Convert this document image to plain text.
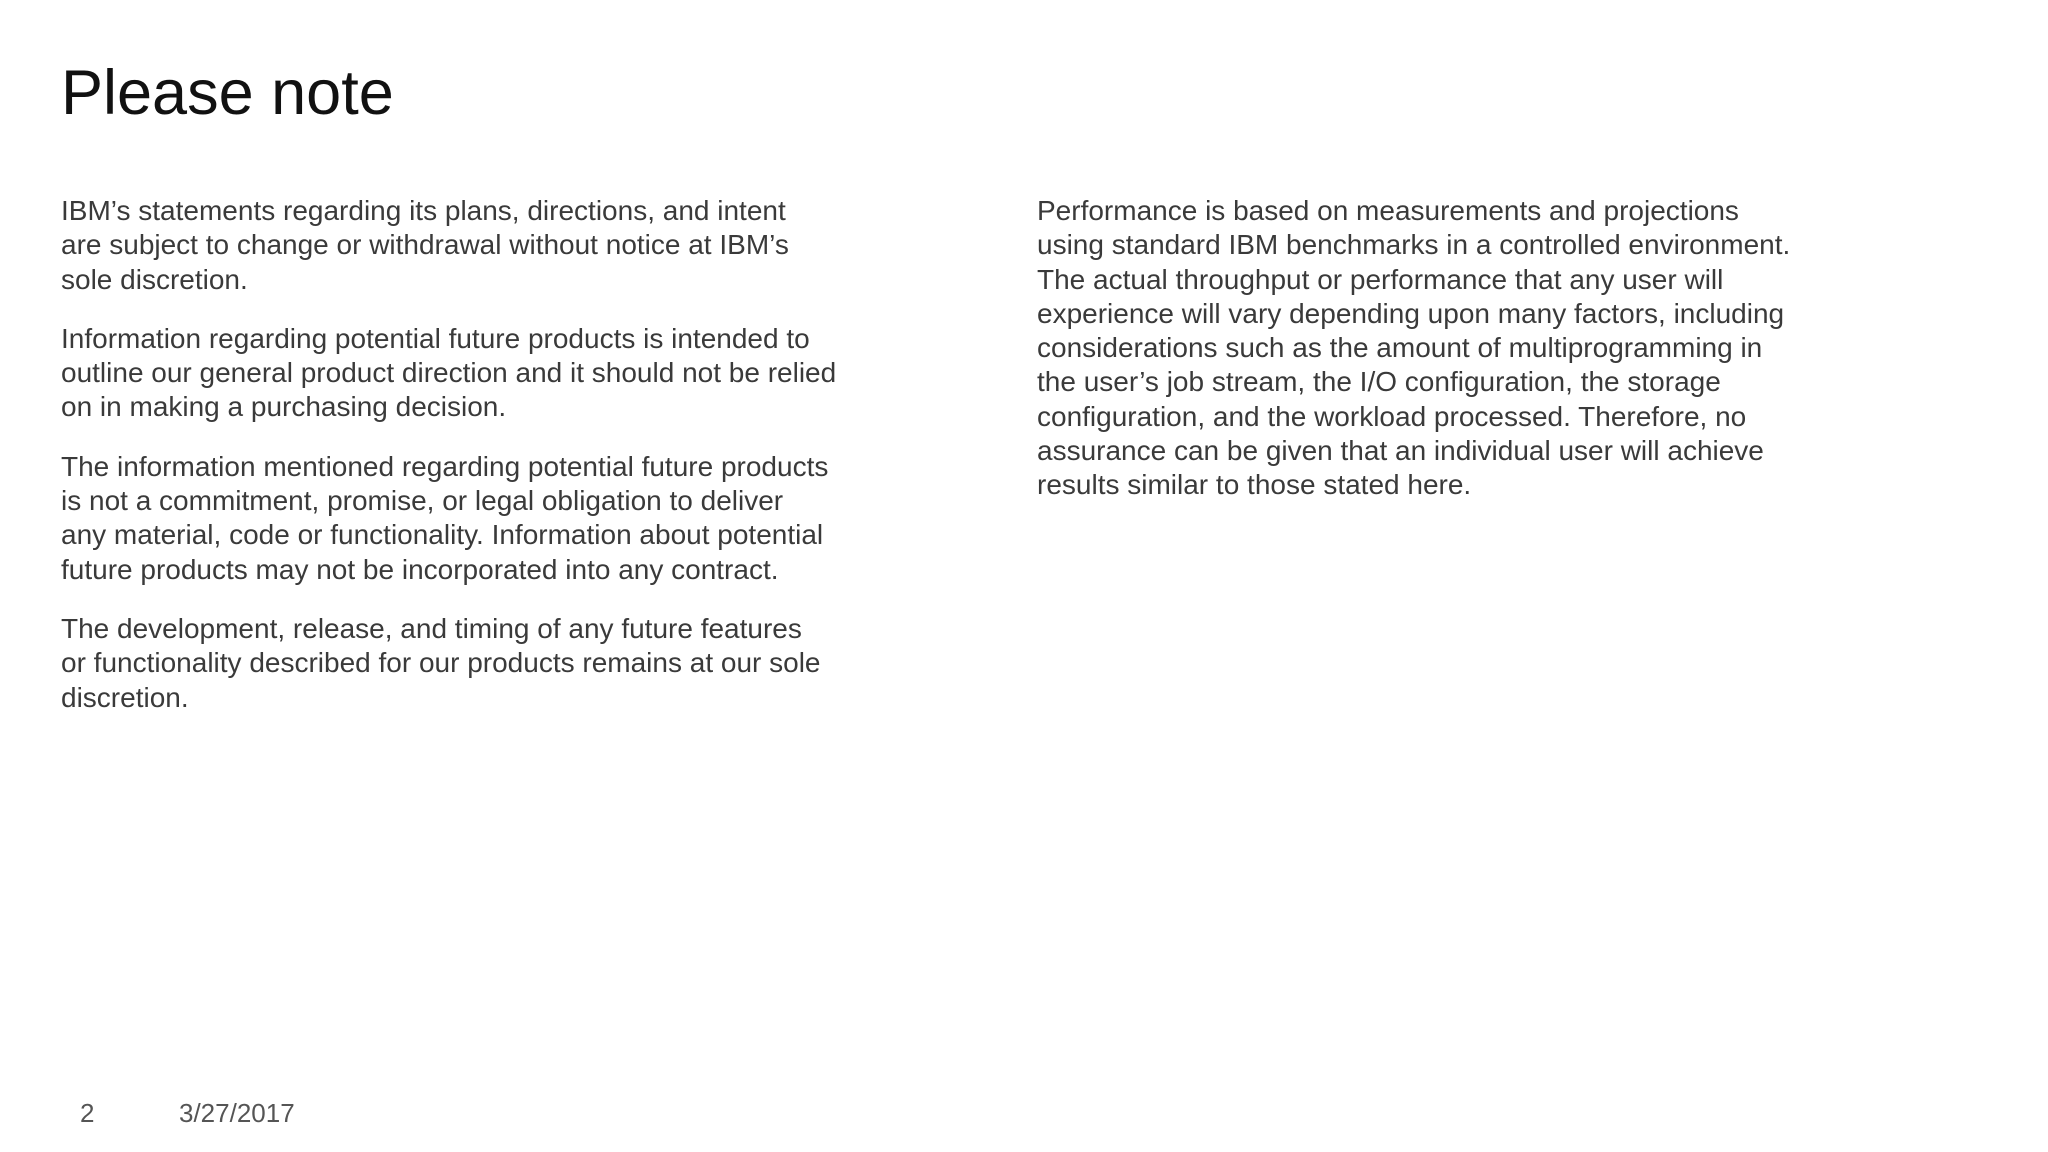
Please note

IBM’s statements regarding its plans, directions, and intent
are subject to change or withdrawal without notice at IBM’s
sole discretion.

Information regarding potential future products is intended to
outline our general product direction and it should not be relied
on in making a purchasing decision.

The information mentioned regarding potential future products
is not a commitment, promise, or legal obligation to deliver
any material, code or functionality. Information about potential
future products may not be incorporated into any contract.

The development, release, and timing of any future features
or functionality described for our products remains at our sole
discretion.

Performance is based on measurements and projections
using standard IBM benchmarks in a controlled environment.
The actual throughput or performance that any user will
experience will vary depending upon many factors, including
considerations such as the amount of multiprogramming in
the user’s job stream, the I/O configuration, the storage
configuration, and the workload processed. Therefore, no
assurance can be given that an individual user will achieve
results similar to those stated here.

2	3/27/2017
